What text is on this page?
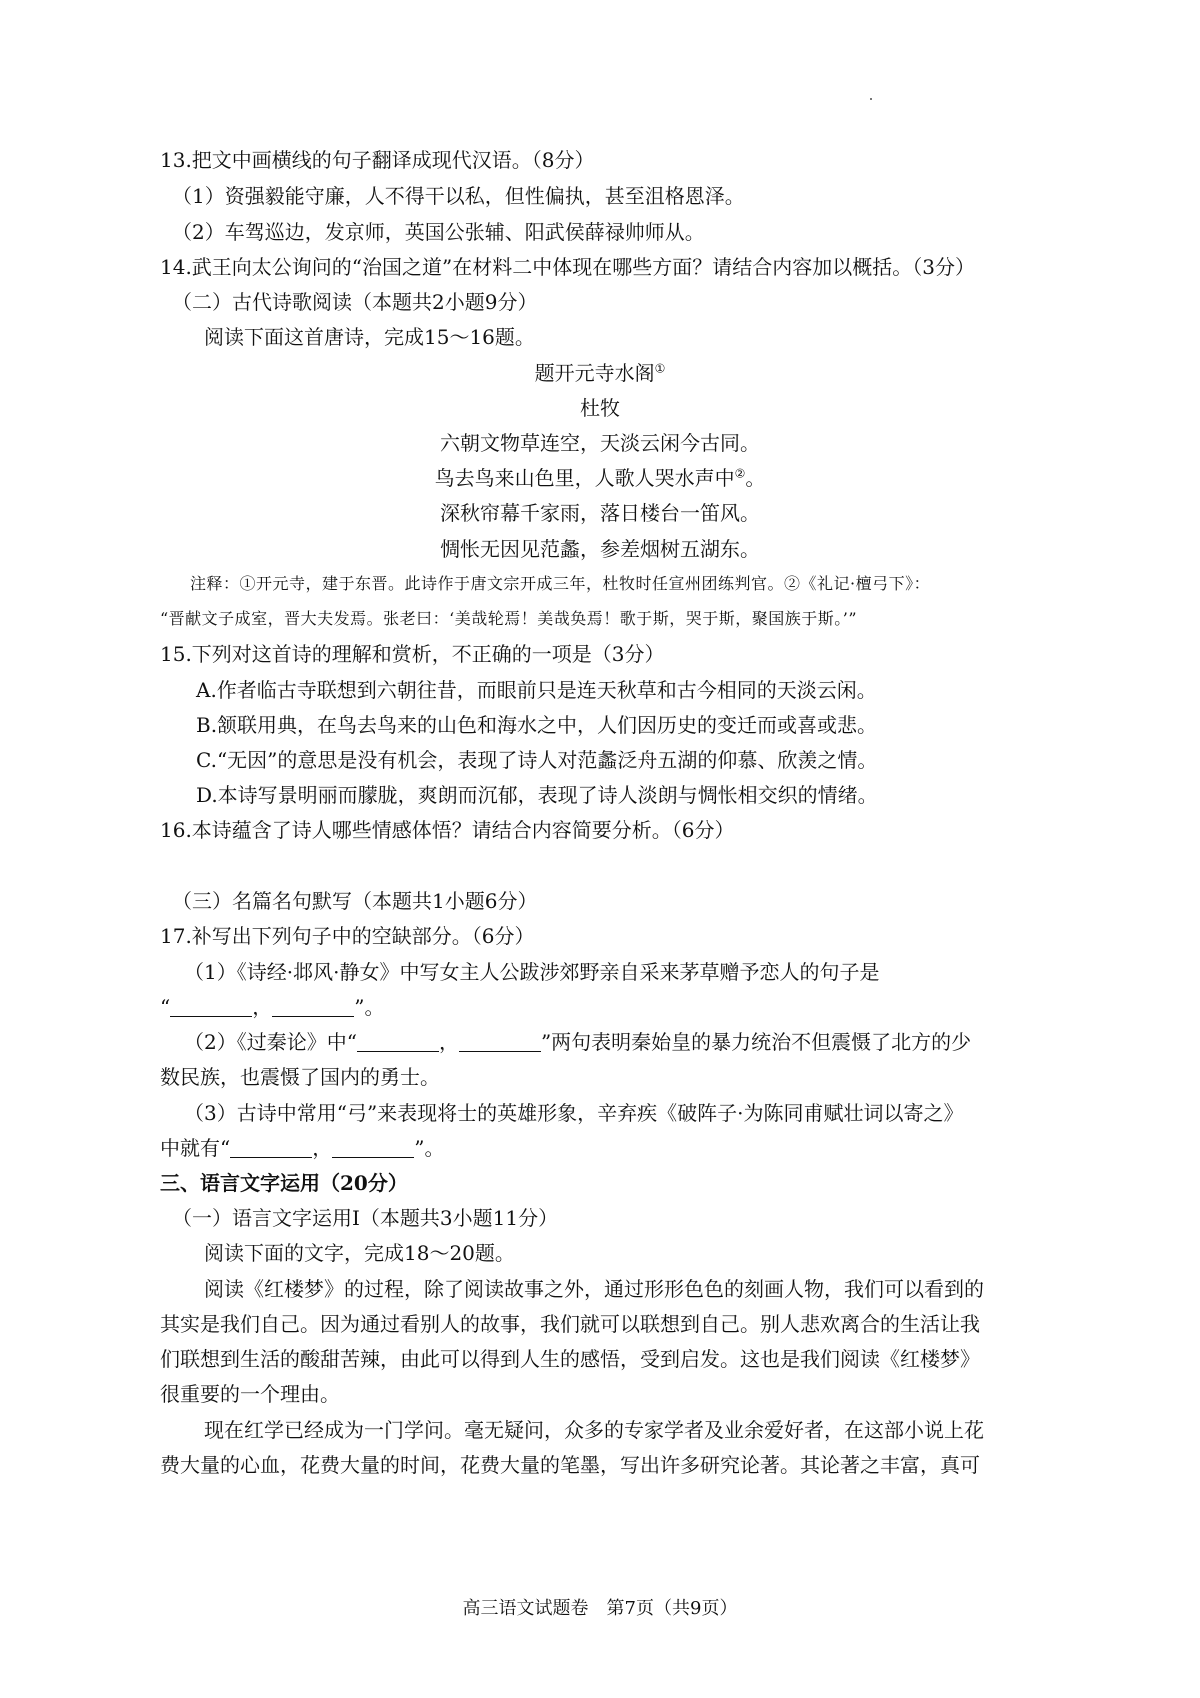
13.把文中画横线的句子翻译成现代汉语。（8分）
（1）资强毅能守廉，人不得干以私，但性偏执，甚至沮格恩泽。
（2）车驾巡边，发京师，英国公张辅、阳武侯薛禄帅师从。
14.武王向太公询问的“治国之道”在材料二中体现在哪些方面？请结合内容加以概括。（3分）
（二）古代诗歌阅读（本题共2小题9分）
阅读下面这首唐诗，完成15～16题。
题开元寺水阁①
杜牧
六朝文物草连空，天淡云闲今古同。
鸟去鸟来山色里，人歌人哭水声中②。
深秋帘幕千家雨，落日楼台一笛风。
惆怅无因见范蠡，参差烟树五湖东。
注释：①开元寺，建于东晋。此诗作于唐文宗开成三年，杜牧时任宣州团练判官。②《礼记·檀弓下》：
“晋献文子成室，晋大夫发焉。张老曰：‘美哉轮焉！美哉奂焉！歌于斯，哭于斯，聚国族于斯。’”
15.下列对这首诗的理解和赏析，不正确的一项是（3分）
A.作者临古寺联想到六朝往昔，而眼前只是连天秋草和古今相同的天淡云闲。
B.颔联用典，在鸟去鸟来的山色和海水之中，人们因历史的变迁而或喜或悲。
C.“无因”的意思是没有机会，表现了诗人对范蠡泛舟五湖的仰慕、欣羡之情。
D.本诗写景明丽而朦胧，爽朗而沉郁，表现了诗人淡朗与惆怅相交织的情绪。
16.本诗蕴含了诗人哪些情感体悟？请结合内容简要分析。（6分）
（三）名篇名句默写（本题共1小题6分）
17.补写出下列句子中的空缺部分。（6分）
（1）《诗经·邶风·静女》中写女主人公跋涉郊野亲自采来茅草赠予恋人的句子是
“	，	”。
（2）《过秦论》中“	，	”两句表明秦始皇的暴力统治不但震慑了北方的少
数民族，也震慑了国内的勇士。
（3）古诗中常用“弓”来表现将士的英雄形象，辛弃疾《破阵子·为陈同甫赋壮词以寄之》
中就有“	，	”。
三、语言文字运用（20分）
（一）语言文字运用Ⅰ（本题共3小题11分）
阅读下面的文字，完成18～20题。
阅读《红楼梦》的过程，除了阅读故事之外，通过形形色色的刻画人物，我们可以看到的
其实是我们自己。因为通过看别人的故事，我们就可以联想到自己。别人悲欢离合的生活让我
们联想到生活的酸甜苦辣，由此可以得到人生的感悟，受到启发。这也是我们阅读《红楼梦》
很重要的一个理由。
现在红学已经成为一门学问。毫无疑问，众多的专家学者及业余爱好者，在这部小说上花
费大量的心血，花费大量的时间，花费大量的笔墨，写出许多研究论著。其论著之丰富，真可
高三语文试题卷　第7页（共9页）
